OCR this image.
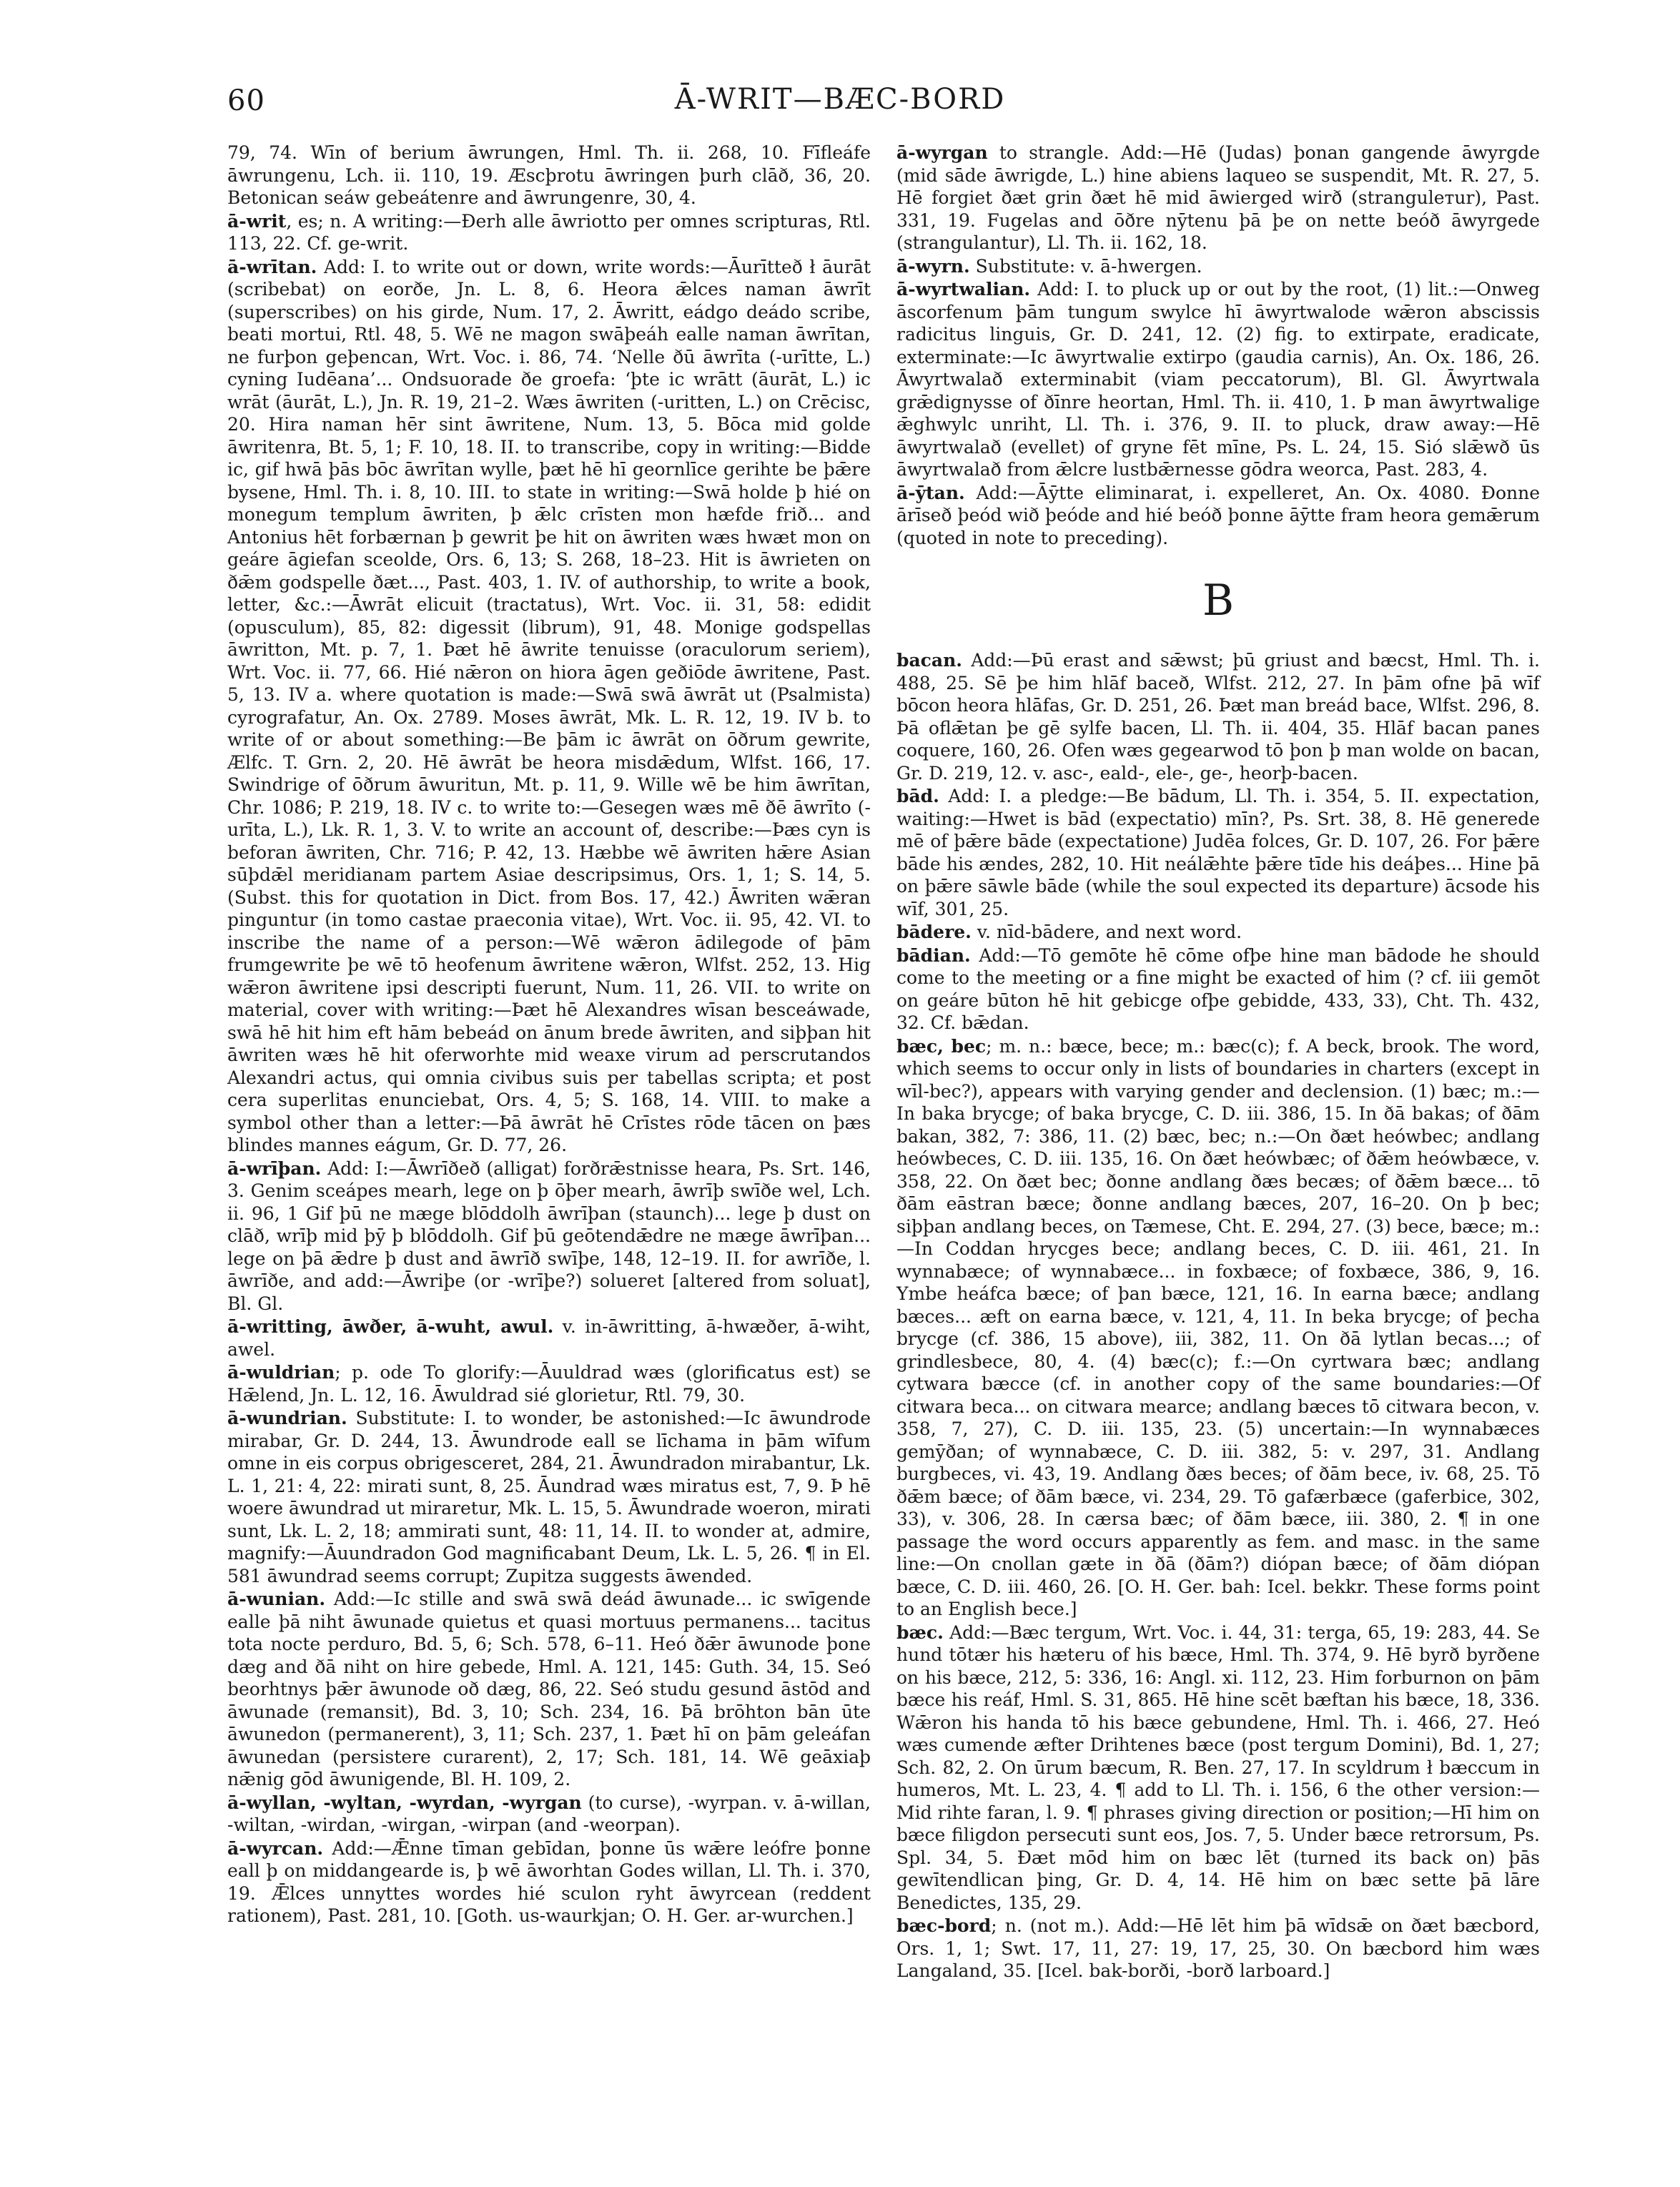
60	Ā-WRIT—BÆC-BORD

79, 74. Wīn of berium āwrungen, Hml. Th. ii. 268, 10. Fīfleáfe āwrungenu, Lch. ii. 110, 19. Æscþrotu āwringen þurh clāð, 36, 20. Betonican seáw gebeátenre and āwrungenre, 30, 4.

ā-writ, es; n. A writing:—Ðerh alle āwriotto per omnes scripturas, Rtl. 113, 22. Cf. ge-writ.

ā-wrītan. Add: I. to write out or down, write words:—Āurītteð ł āurāt (scribebat) on eorðe, Jn. L. 8, 6. Heora ǣlces naman āwrīt (superscribes) on his girde, Num. 17, 2. Āwritt, eádgo deádo scribe, beati mortui, Rtl. 48, 5. Wē ne magon swāþeáh ealle naman āwrītan, ne furþon geþencan, Wrt. Voc. i. 86, 74. ‘Nelle ðū āwrīta (-urītte, L.) cyning Iudēana’... Ondsuorade ðe groefa: ‘þte ic wrātt (āurāt, L.) ic wrāt (āurāt, L.), Jn. R. 19, 21–2. Wæs āwriten (-uritten, L.) on Crēcisc, 20. Hira naman hēr sint āwritene, Num. 13, 5. Bōca mid golde āwritenra, Bt. 5, 1; F. 10, 18. II. to transcribe, copy in writing:—Bidde ic, gif hwā þās bōc āwrītan wylle, þæt hē hī geornlīce gerihte be þǣre bysene, Hml. Th. i. 8, 10. III. to state in writing:—Swā holde þ hié on monegum templum āwriten, þ ǣlc crīsten mon hæfde frið... and Antonius hēt forbærnan þ gewrit þe hit on āwriten wæs hwæt mon on geáre āgiefan sceolde, Ors. 6, 13; S. 268, 18–23. Hit is āwrieten on ðǣm godspelle ðæt..., Past. 403, 1. IV. of authorship, to write a book, letter, &c.:—Āwrāt elicuit (tractatus), Wrt. Voc. ii. 31, 58: edidit (opusculum), 85, 82: digessit (librum), 91, 48. Monige godspellas āwritton, Mt. p. 7, 1. Þæt hē āwrite tenuisse (oraculorum seriem), Wrt. Voc. ii. 77, 66. Hié nǣron on hiora āgen geðiōde āwritene, Past. 5, 13. IV a. where quotation is made:—Swā swā āwrāt ut (Psalmista) cyrografatur, An. Ox. 2789. Moses āwrāt, Mk. L. R. 12, 19. IV b. to write of or about something:—Be þām ic āwrāt on ōðrum gewrite, Ælfc. T. Grn. 2, 20. Hē āwrāt be heora misdǣdum, Wlfst. 166, 17. Swindrige of ōðrum āwuritun, Mt. p. 11, 9. Wille wē be him āwrītan, Chr. 1086; P. 219, 18. IV c. to write to:—Gesegen wæs mē ðē āwrīto (-urīta, L.), Lk. R. 1, 3. V. to write an account of, describe:—Þæs cyn is beforan āwriten, Chr. 716; P. 42, 13. Hæbbe wē āwriten hǣre Asian sūþdǣl meridianam partem Asiae descripsimus, Ors. 1, 1; S. 14, 5. (Subst. this for quotation in Dict. from Bos. 17, 42.) Āwriten wǣran pinguntur (in tomo castae praeconia vitae), Wrt. Voc. ii. 95, 42. VI. to inscribe the name of a person:—Wē wǣron ādilegode of þām frumgewrite þe wē tō heofenum āwritene wǣron, Wlfst. 252, 13. Hig wǣron āwritene ipsi descripti fuerunt, Num. 11, 26. VII. to write on material, cover with writing:—Þæt hē Alexandres wīsan besceáwade, swā hē hit him eft hām bebeád on ānum brede āwriten, and siþþan hit āwriten wæs hē hit oferworhte mid weaxe virum ad perscrutandos Alexandri actus, qui omnia civibus suis per tabellas scripta; et post cera superlitas enunciebat, Ors. 4, 5; S. 168, 14. VIII. to make a symbol other than a letter:—Þā āwrāt hē Crīstes rōde tācen on þæs blindes mannes eágum, Gr. D. 77, 26.

ā-wrīþan. Add: I:—Āwrīðeð (alligat) forðrǣstnisse heara, Ps. Srt. 146, 3. Genim sceápes mearh, lege on þ ōþer mearh, āwrīþ swīðe wel, Lch. ii. 96, 1 Gif þū ne mæge blōddolh āwrīþan (staunch)... lege þ dust on clāð, wrīþ mid þȳ þ blōddolh. Gif þū geōtendǣdre ne mæge āwrīþan... lege on þā ǣdre þ dust and āwrīð swīþe, 148, 12–19. II. for awrīðe, l. āwrīðe, and add:—Āwriþe (or -wrīþe?) solueret [altered from soluat], Bl. Gl.

ā-writting, āwðer, ā-wuht, awul. v. in-āwritting, ā-hwæðer, ā-wiht, awel.

ā-wuldrian; p. ode To glorify:—Āuuldrad wæs (glorificatus est) se Hǣlend, Jn. L. 12, 16. Āwuldrad sié glorietur, Rtl. 79, 30.

ā-wundrian. Substitute: I. to wonder, be astonished:—Ic āwundrode mirabar, Gr. D. 244, 13. Āwundrode eall se līchama in þām wīfum omne in eis corpus obrigesceret, 284, 21. Āwundradon mirabantur, Lk. L. 1, 21: 4, 22: mirati sunt, 8, 25. Āundrad wæs miratus est, 7, 9. Þ hē woere āwundrad ut miraretur, Mk. L. 15, 5. Āwundrade woeron, mirati sunt, Lk. L. 2, 18; ammirati sunt, 48: 11, 14. II. to wonder at, admire, magnify:—Āuundradon God magnificabant Deum, Lk. L. 5, 26. ¶ in El. 581 āwundrad seems corrupt; Zupitza suggests āwended.

ā-wunian. Add:—Ic stille and swā swā deád āwunade... ic swīgende ealle þā niht āwunade quietus et quasi mortuus permanens... tacitus tota nocte perduro, Bd. 5, 6; Sch. 578, 6–11. Heó ðǣr āwunode þone dæg and ðā niht on hire gebede, Hml. A. 121, 145: Guth. 34, 15. Seó beorhtnys þǣr āwunode oð dæg, 86, 22. Seó studu gesund āstōd and āwunade (remansit), Bd. 3, 10; Sch. 234, 16. Þā brōhton bān ūte āwunedon (permanerent), 3, 11; Sch. 237, 1. Þæt hī on þām geleáfan āwunedan (persistere curarent), 2, 17; Sch. 181, 14. Wē geāxiaþ nǣnig gōd āwunigende, Bl. H. 109, 2.

ā-wyllan, -wyltan, -wyrdan, -wyrgan (to curse), -wyrpan. v. ā-willan, -wiltan, -wirdan, -wirgan, -wirpan (and -weorpan).

ā-wyrcan. Add:—Ǣnne tīman gebīdan, þonne ūs wǣre leófre þonne eall þ on middangearde is, þ wē āworhtan Godes willan, Ll. Th. i. 370, 19. Ǣlces unnyttes wordes hié sculon ryht āwyrcean (reddent rationem), Past. 281, 10. [Goth. us-waurkjan; O. H. Ger. ar-wurchen.]

ā-wyrgan to strangle. Add:—Hē (Judas) þonan gangende āwyrgde (mid sāde āwrigde, L.) hine abiens laqueo se suspendit, Mt. R. 27, 5. Hē forgiet ðæt grin ðæt hē mid āwierged wirð (strangulетur), Past. 331, 19. Fugelas and ōðre nȳtenu þā þe on nette beóð āwyrgede (strangulantur), Ll. Th. ii. 162, 18.

ā-wyrn. Substitute: v. ā-hwergen.

ā-wyrtwalian. Add: I. to pluck up or out by the root, (1) lit.:—Onweg āscorfenum þām tungum swylce hī āwyrtwalode wǣron abscissis radicitus linguis, Gr. D. 241, 12. (2) fig. to extirpate, eradicate, exterminate:—Ic āwyrtwalie extirpo (gaudia carnis), An. Ox. 186, 26. Āwyrtwalað exterminabit (viam peccatorum), Bl. Gl. Āwyrtwala grǣdignysse of ðīnre heortan, Hml. Th. ii. 410, 1. Þ man āwyrtwalige ǣghwylc unriht, Ll. Th. i. 376, 9. II. to pluck, draw away:—Hē āwyrtwalað (evellet) of gryne fēt mīne, Ps. L. 24, 15. Sió slǣwð ūs āwyrtwalað from ǣlcre lustbǣrnesse gōdra weorca, Past. 283, 4.

ā-ȳtan. Add:—Āȳtte eliminarat, i. expelleret, An. Ox. 4080. Ðonne ārīseð þeód wið þeóde and hié beóð þonne āȳtte fram heora gemǣrum (quoted in note to preceding).

B

bacan. Add:—Þū erast and sǣwst; þū griust and bæcst, Hml. Th. i. 488, 25. Sē þe him hlāf baceð, Wlfst. 212, 27. In þām ofne þā wīf bōcon heora hlāfas, Gr. D. 251, 26. Þæt man breád bace, Wlfst. 296, 8. Þā oflǣtan þe gē sylfe bacen, Ll. Th. ii. 404, 35. Hlāf bacan panes coquere, 160, 26. Ofen wæs gegearwod tō þon þ man wolde on bacan, Gr. D. 219, 12. v. asc-, eald-, ele-, ge-, heorþ-bacen.

bād. Add: I. a pledge:—Be bādum, Ll. Th. i. 354, 5. II. expectation, waiting:—Hwet is bād (expectatio) mīn?, Ps. Srt. 38, 8. Hē generede mē of þǣre bāde (expectatione) Judēa folces, Gr. D. 107, 26. For þǣre bāde his ændes, 282, 10. Hit neálǣhte þǣre tīde his deáþes... Hine þā on þǣre sāwle bāde (while the soul expected its departure) ācsode his wīf, 301, 25.

bādere. v. nīd-bādere, and next word.

bādian. Add:—Tō gemōte hē cōme ofþe hine man bādode he should come to the meeting or a fine might be exacted of him (? cf. iii gemōt on geáre būton hē hit gebicge ofþe gebidde, 433, 33), Cht. Th. 432, 32. Cf. bǣdan.

bæc, bec; m. n.: bæce, bece; m.: bæc(c); f. A beck, brook. The word, which seems to occur only in lists of boundaries in charters (except in wīl-bec?), appears with varying gender and declension. (1) bæc; m.:—In baka brycge; of baka brycge, C. D. iii. 386, 15. In ðā bakas; of ðām bakan, 382, 7: 386, 11. (2) bæc, bec; n.:—On ðæt heówbec; andlang heówbeces, C. D. iii. 135, 16. On ðæt heówbæc; of ðǣm heówbæce, v. 358, 22. On ðæt bec; ðonne andlang ðæs becæs; of ðǣm bæce... tō ðām eāstran bæce; ðonne andlang bæces, 207, 16–20. On þ bec; siþþan andlang beces, on Tæmese, Cht. E. 294, 27. (3) bece, bæce; m.:—In Coddan hrycges bece; andlang beces, C. D. iii. 461, 21. In wynnabæce; of wynnabæce... in foxbæce; of foxbæce, 386, 9, 16. Ymbe heáfca bæce; of þan bæce, 121, 16. In earna bæce; andlang bæces... æft on earna bæce, v. 121, 4, 11. In beka brycge; of þecha brycge (cf. 386, 15 above), iii, 382, 11. On ðā lytlan becas...; of grindlesbece, 80, 4. (4) bæc(c); f.:—On cyrtwara bæc; andlang cytwara bæcce (cf. in another copy of the same boundaries:—Of citwara beca... on citwara mearce; andlang bæces tō citwara becon, v. 358, 7, 27), C. D. iii. 135, 23. (5) uncertain:—In wynnabæces gemȳðan; of wynnabæce, C. D. iii. 382, 5: v. 297, 31. Andlang burgbeces, vi. 43, 19. Andlang ðæs beces; of ðām bece, iv. 68, 25. Tō ðǣm bæce; of ðām bæce, vi. 234, 29. Tō gafærbæce (gaferbice, 302, 33), v. 306, 28. In cærsa bæc; of ðām bæce, iii. 380, 2. ¶ in one passage the word occurs apparently as fem. and masc. in the same line:—On cnollan gæte in ðā (ðām?) diópan bæce; of ðām diópan bæce, C. D. iii. 460, 26. [O. H. Ger. bah: Icel. bekkr. These forms point to an English bece.]

bæc. Add:—Bæc tergum, Wrt. Voc. i. 44, 31: terga, 65, 19: 283, 44. Se hund tōtær his hæteru of his bæce, Hml. Th. 374, 9. Hē byrð byrðene on his bæce, 212, 5: 336, 16: Angl. xi. 112, 23. Him forburnon on þām bæce his reáf, Hml. S. 31, 865. Hē hine scēt bæftan his bæce, 18, 336. Wǣron his handa tō his bæce gebundene, Hml. Th. i. 466, 27. Heó wæs cumende æfter Drihtenes bæce (post tergum Domini), Bd. 1, 27; Sch. 82, 2. On ūrum bæcum, R. Ben. 27, 17. In scyldrum ł bæccum in humeros, Mt. L. 23, 4. ¶ add to Ll. Th. i. 156, 6 the other version:—Mid rihte faran, l. 9. ¶ phrases giving direction or position;—Hī him on bæce filigdon persecuti sunt eos, Jos. 7, 5. Under bæce retrorsum, Ps. Spl. 34, 5. Ðæt mōd him on bæc lēt (turned its back on) þās gewītendlican þing, Gr. D. 4, 14. Hē him on bæc sette þā lāre Benedictes, 135, 29.

bæc-bord; n. (not m.). Add:—Hē lēt him þā wīdsǣ on ðæt bæcbord, Ors. 1, 1; Swt. 17, 11, 27: 19, 17, 25, 30. On bæcbord him wæs Langaland, 35. [Icel. bak-borði, -borð larboard.]
